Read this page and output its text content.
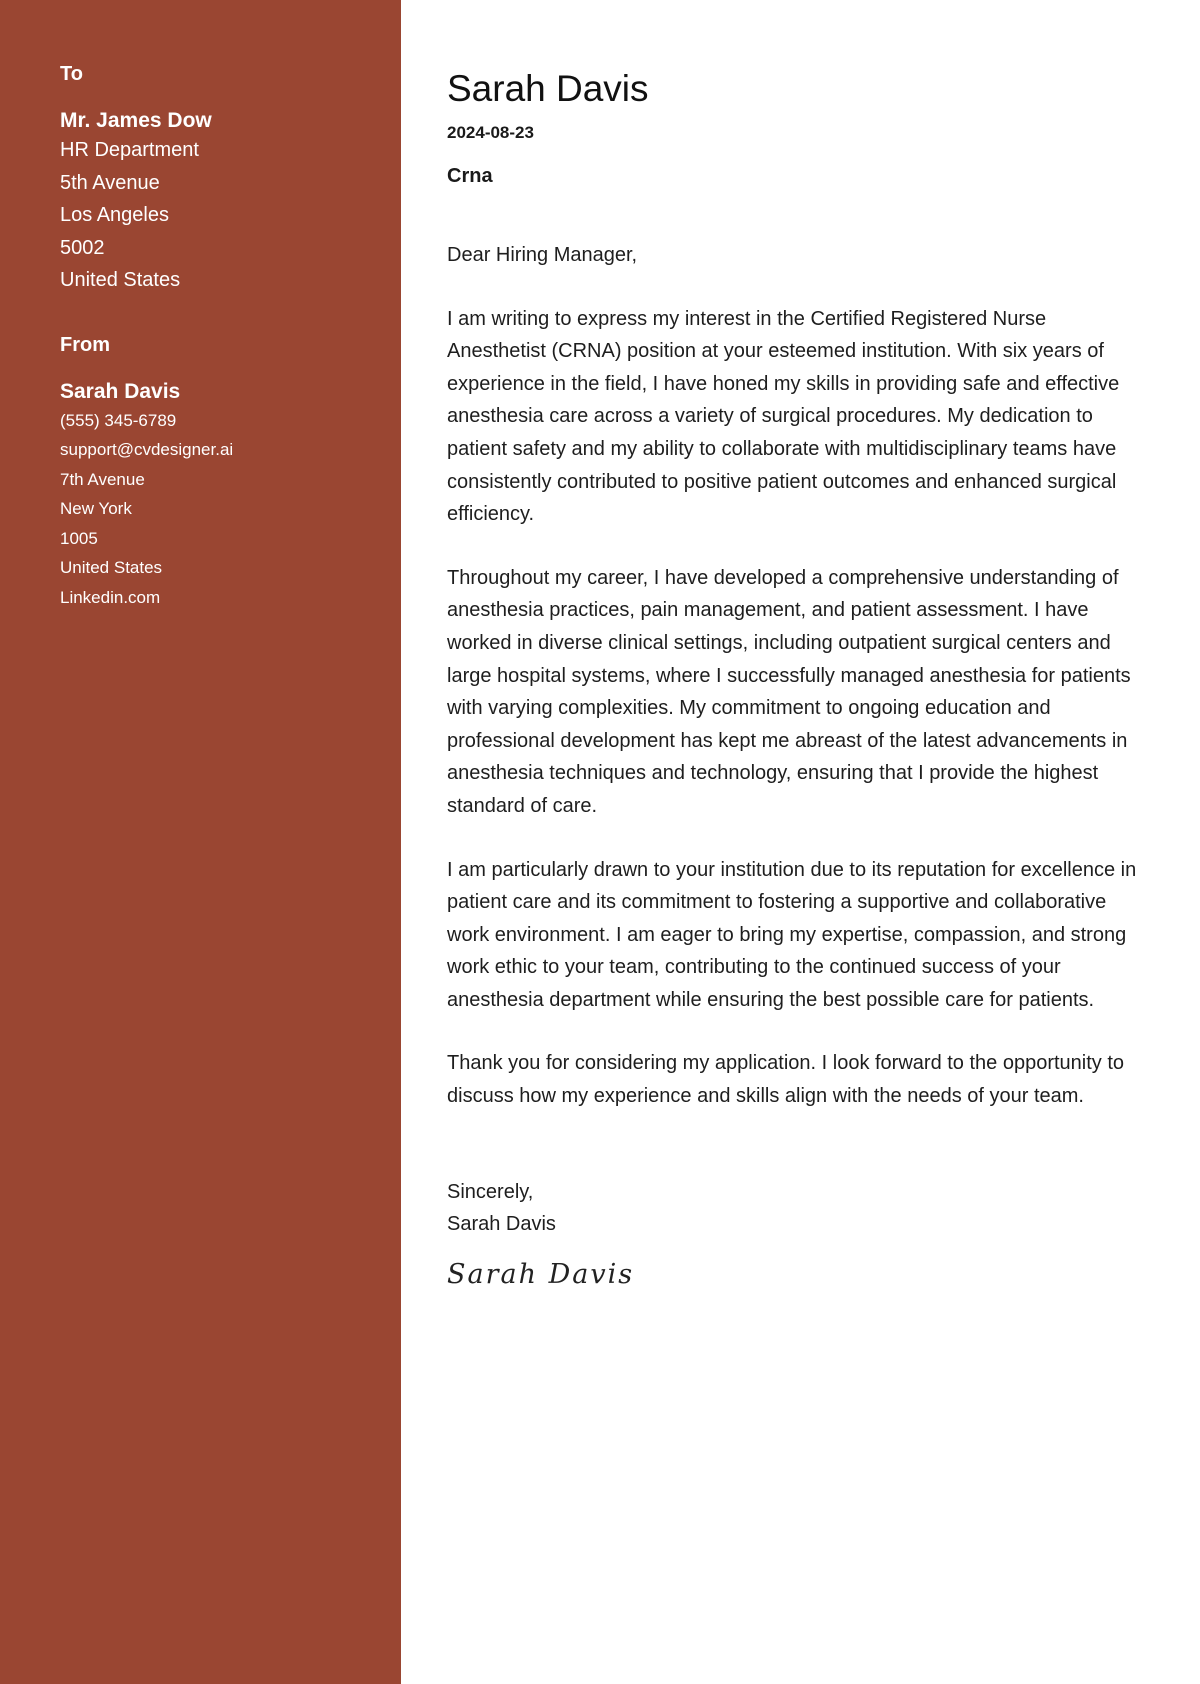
To
Mr. James Dow
HR Department
5th Avenue
Los Angeles
5002
United States
From
Sarah Davis
(555) 345-6789
support@cvdesigner.ai
7th Avenue
New York
1005
United States
Linkedin.com
Sarah Davis
2024-08-23
Crna
Dear Hiring Manager,
I am writing to express my interest in the Certified Registered Nurse Anesthetist (CRNA) position at your esteemed institution. With six years of experience in the field, I have honed my skills in providing safe and effective anesthesia care across a variety of surgical procedures. My dedication to patient safety and my ability to collaborate with multidisciplinary teams have consistently contributed to positive patient outcomes and enhanced surgical efficiency.
Throughout my career, I have developed a comprehensive understanding of anesthesia practices, pain management, and patient assessment. I have worked in diverse clinical settings, including outpatient surgical centers and large hospital systems, where I successfully managed anesthesia for patients with varying complexities. My commitment to ongoing education and professional development has kept me abreast of the latest advancements in anesthesia techniques and technology, ensuring that I provide the highest standard of care.
I am particularly drawn to your institution due to its reputation for excellence in patient care and its commitment to fostering a supportive and collaborative work environment. I am eager to bring my expertise, compassion, and strong work ethic to your team, contributing to the continued success of your anesthesia department while ensuring the best possible care for patients.
Thank you for considering my application. I look forward to the opportunity to discuss how my experience and skills align with the needs of your team.
Sincerely,
Sarah Davis
Sarah Davis
